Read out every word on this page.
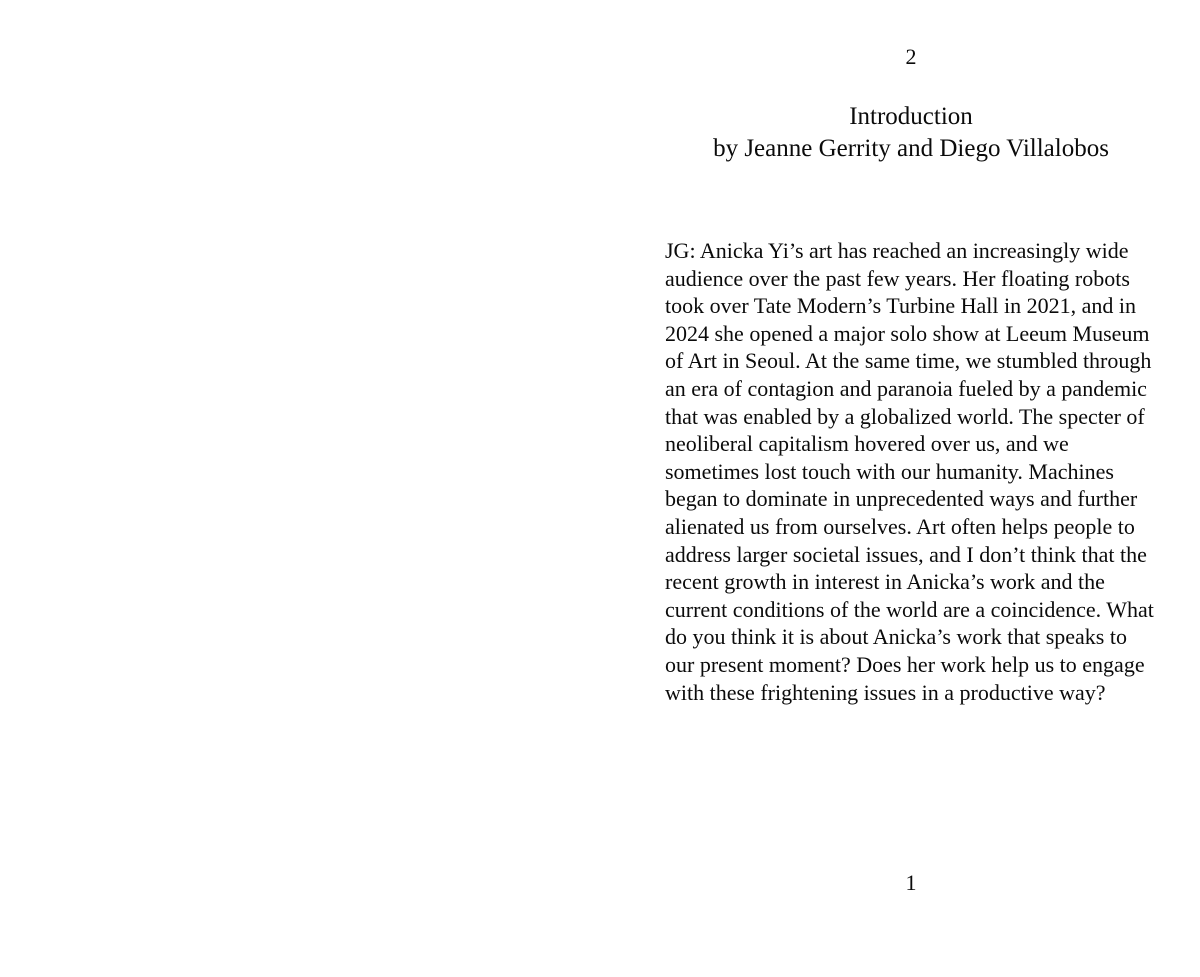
2
Introduction
by Jeanne Gerrity and Diego Villalobos
JG: Anicka Yi’s art has reached an increasingly wide audience over the past few years. Her floating robots took over Tate Modern’s Turbine Hall in 2021, and in 2024 she opened a major solo show at Leeum Museum of Art in Seoul. At the same time, we stumbled through an era of contagion and paranoia fueled by a pandemic that was enabled by a globalized world. The specter of neoliberal capitalism hovered over us, and we sometimes lost touch with our humanity. Machines began to dominate in unprecedented ways and further alienated us from ourselves. Art often helps people to address larger societal issues, and I don’t think that the recent growth in interest in Anicka’s work and the current conditions of the world are a coincidence. What do you think it is about Anicka’s work that speaks to our present moment? Does her work help us to engage with these frightening issues in a productive way?
1
